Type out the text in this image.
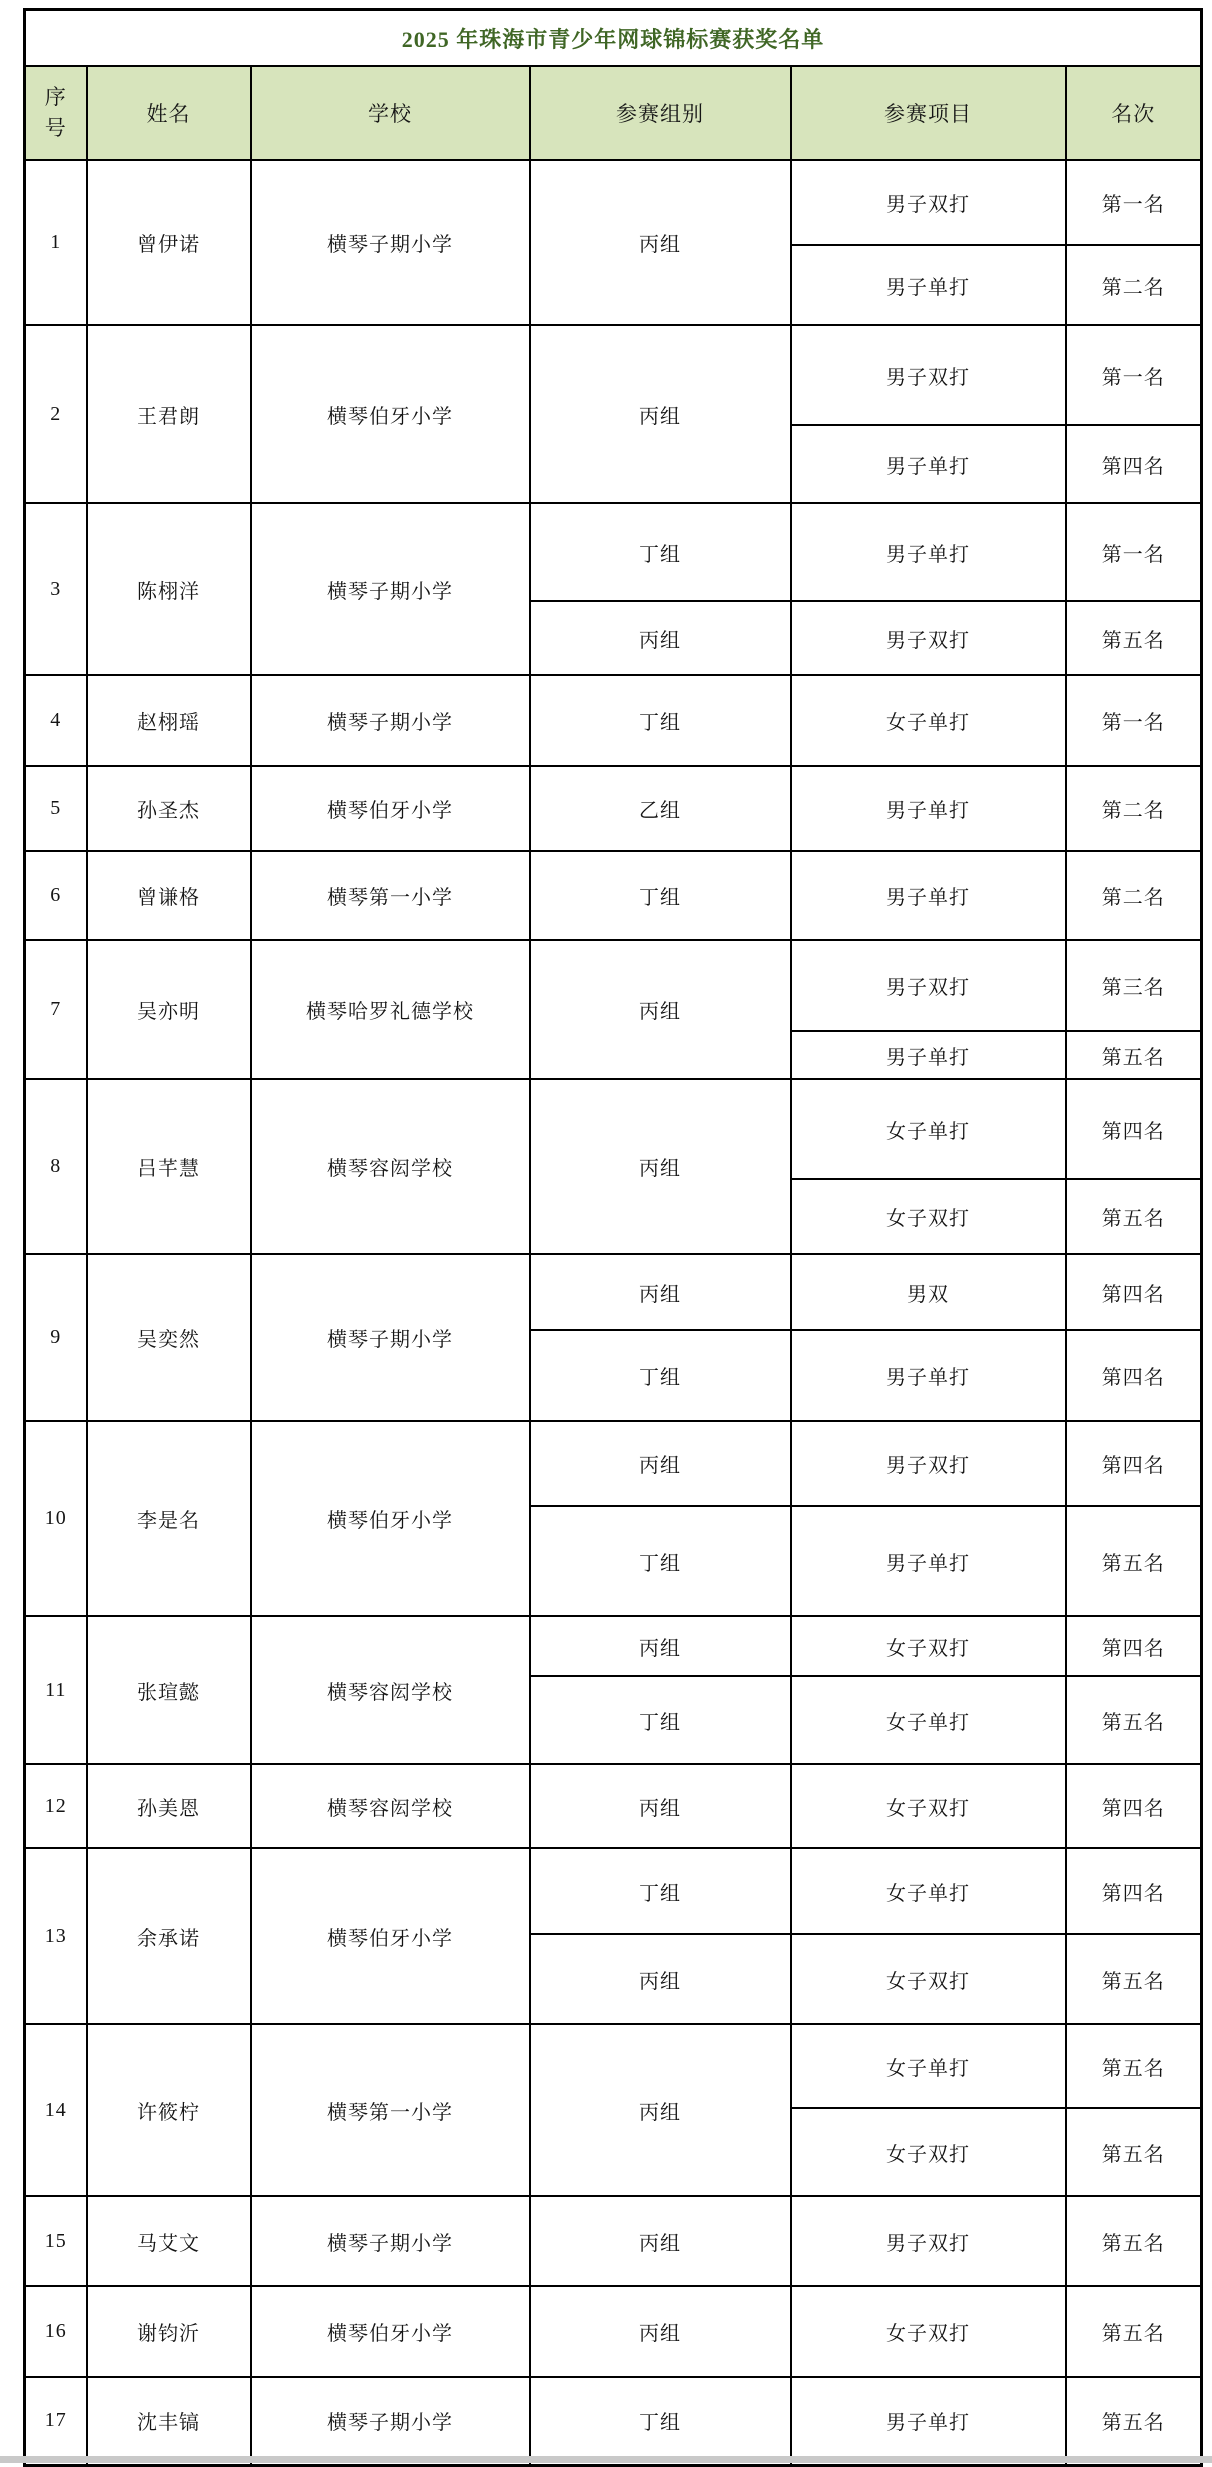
2025 年珠海市青少年网球锦标赛获奖名单					
序号	姓名	学校	参赛组别	参赛项目	名次
1	曾伊诺	横琴子期小学	丙组	男子双打	第一名
				男子单打	第二名
2	王君朗	横琴伯牙小学	丙组	男子双打	第一名
				男子单打	第四名
3	陈栩洋	横琴子期小学	丁组	男子单打	第一名
			丙组	男子双打	第五名
4	赵栩瑶	横琴子期小学	丁组	女子单打	第一名
5	孙圣杰	横琴伯牙小学	乙组	男子单打	第二名
6	曾谦格	横琴第一小学	丁组	男子单打	第二名
7	吴亦明	横琴哈罗礼德学校	丙组	男子双打	第三名
				男子单打	第五名
8	吕芊慧	横琴容闳学校	丙组	女子单打	第四名
				女子双打	第五名
9	吴奕然	横琴子期小学	丙组	男双	第四名
			丁组	男子单打	第四名
10	李是名	横琴伯牙小学	丙组	男子双打	第四名
			丁组	男子单打	第五名
11	张瑄懿	横琴容闳学校	丙组	女子双打	第四名
			丁组	女子单打	第五名
12	孙美恩	横琴容闳学校	丙组	女子双打	第四名
13	余承诺	横琴伯牙小学	丁组	女子单打	第四名
			丙组	女子双打	第五名
14	许筱柠	横琴第一小学	丙组	女子单打	第五名
				女子双打	第五名
15	马艾文	横琴子期小学	丙组	男子双打	第五名
16	谢钧沂	横琴伯牙小学	丙组	女子双打	第五名
17	沈丰镐	横琴子期小学	丁组	男子单打	第五名
